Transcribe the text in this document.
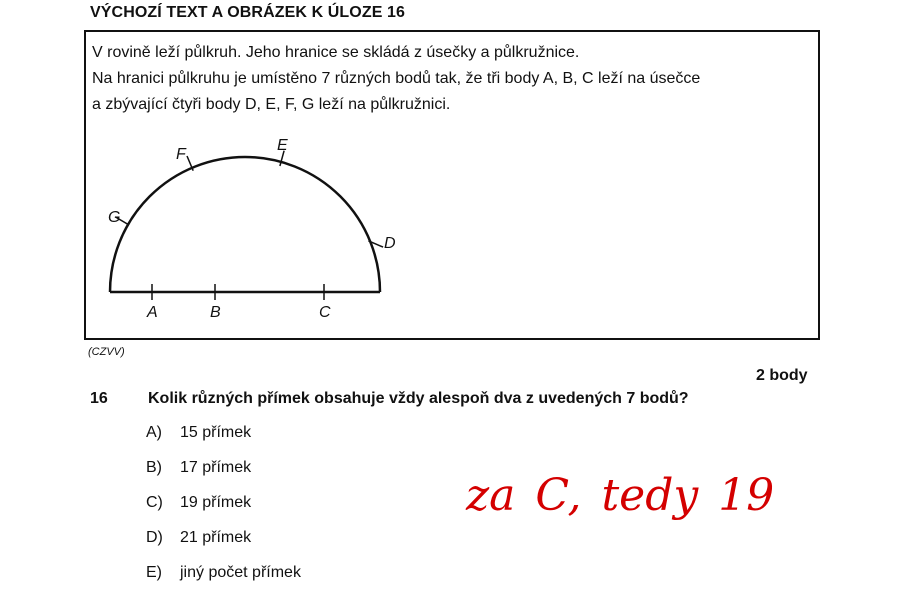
VÝCHOZÍ TEXT A OBRÁZEK K ÚLOZE 16
V rovině leží půlkruh. Jeho hranice se skládá z úsečky a půlkružnice.
Na hranici půlkruhu je umístěno 7 různých bodů tak, že tři body A, B, C leží na úsečce
a zbývající čtyři body D, E, F, G leží na půlkružnici.
A	B	C
D
E
F
G
(CZVV)
2 body
16	Kolik různých přímek obsahuje vždy alespoň dva z uvedených 7 bodů?
A) 15 přímek
B) 17 přímek
C) 19 přímek
D) 21 přímek
E) jiný počet přímek
za C, tedy 19
